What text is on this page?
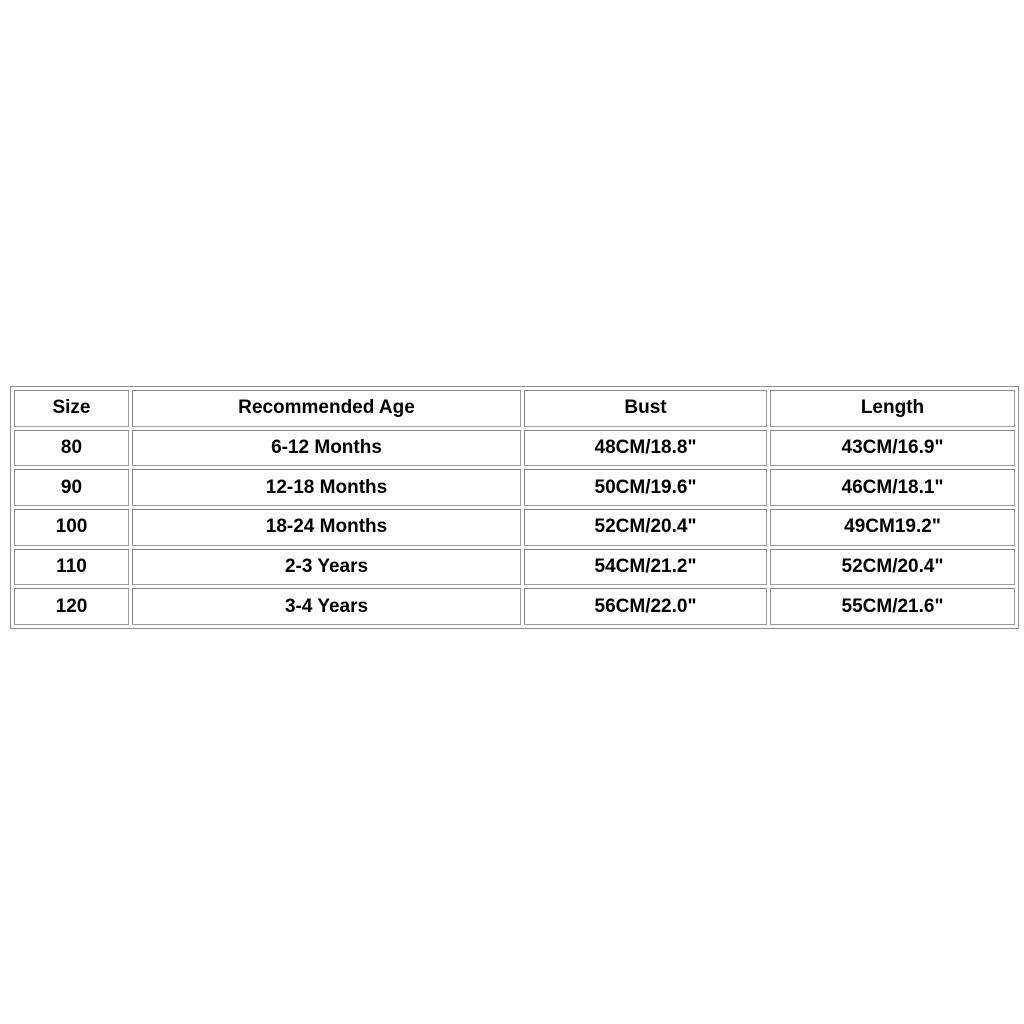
Size	Recommended Age	Bust	Length
80	6-12 Months	48CM/18.8"	43CM/16.9"
90	12-18 Months	50CM/19.6"	46CM/18.1"
100	18-24 Months	52CM/20.4"	49CM19.2"
110	2-3 Years	54CM/21.2"	52CM/20.4"
120	3-4 Years	56CM/22.0"	55CM/21.6"
